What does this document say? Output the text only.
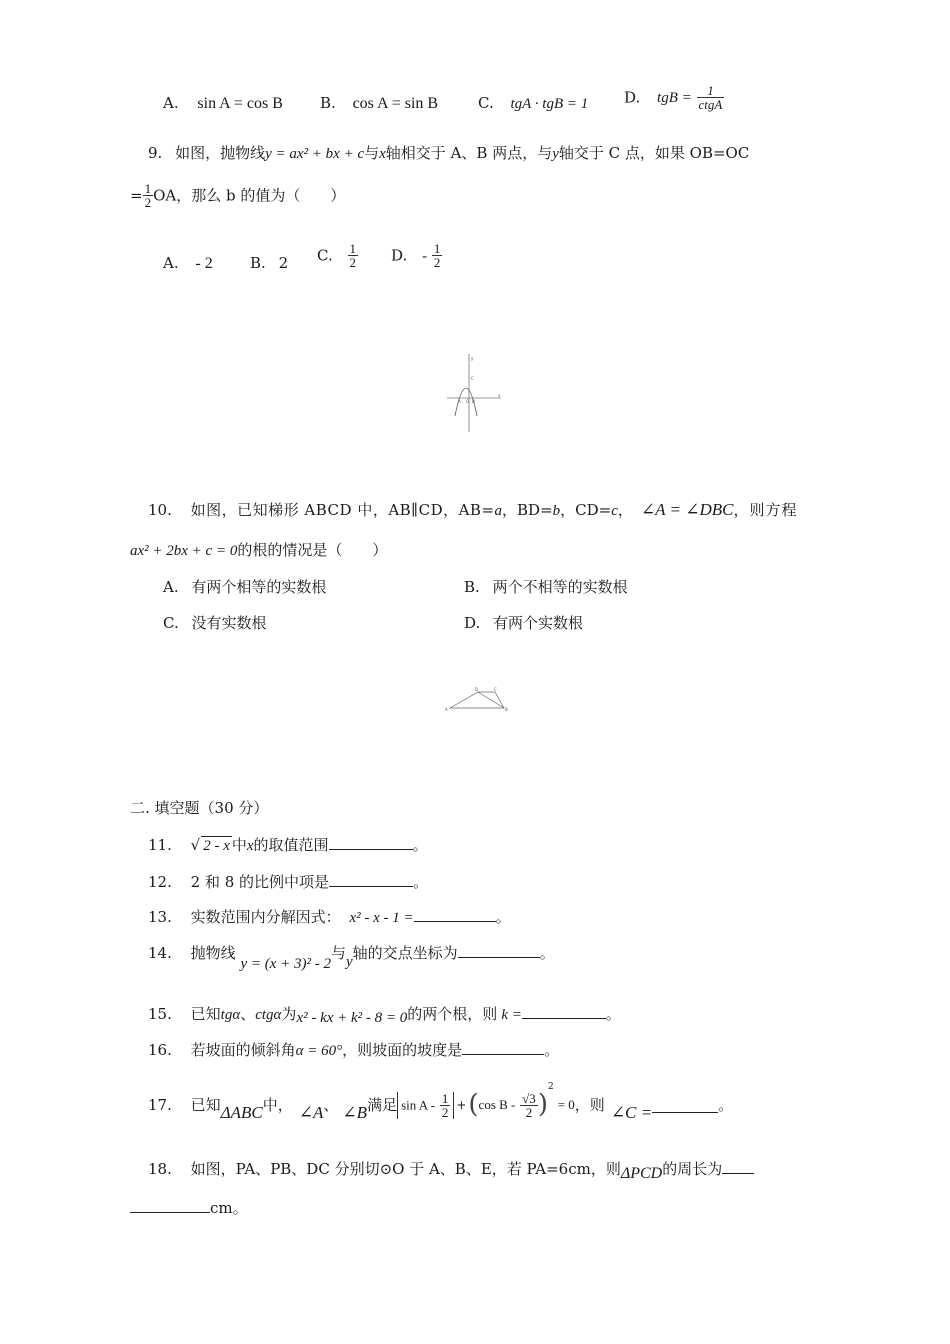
A. sin A = cos B B. cos A = sin B	C. tgA · tgB = 1 D. tgB = $\frac{1}{\text{ctgA}}$
9. 如图，抛物线y = ax² + bx + c与x轴相交于 A、B 两点，与y轴交于 C 点，如果 OB=OC
= $\frac{1}{2}$ OA，那么 b 的值为（　　）
A. - 2 B. 2 C. $\frac{1}{2} D$. - $\frac{1}{2}$
y
C
A O B
x
10. 如图，已知梯形 ABCD 中，AB∥CD，AB=a，BD=b，CD=c， ∠A = ∠DBC，则方程
ax² + 2bx + c = 0的根的情况是（　　）
A. 有两个相等的实数根	B. 两个不相等的实数根
C. 没有实数根	D. 有两个实数根
A	B
C
D
二. 填空题（30 分）
11. √ 2 - x 中x的取值范围	。
12. 2 和 8 的比例中项是	。
13. 实数范围内分解因式： x² - x - 1 =	。
14. 抛物线 y = (x + 3)² - 2与y轴的交点坐标为	。
15. 已知tgα、ctgα为x² - kx + k² - 8 = 0的两个根，则 k =	。
16. 若坡面的倾斜角α = 60°，则坡面的坡度是	。
17. 已知ΔABC中， ∠A、 ∠B满足 $\sin A - \frac{1}{2} +(\cos$ $B - \frac{√3}{2} )^2= 0$，则 ∠C =	。
18. 如图，PA、PB、DC 分别切⊙O 于 A、B、E，若 PA=6cm，则ΔPCD的周长为
cm。
